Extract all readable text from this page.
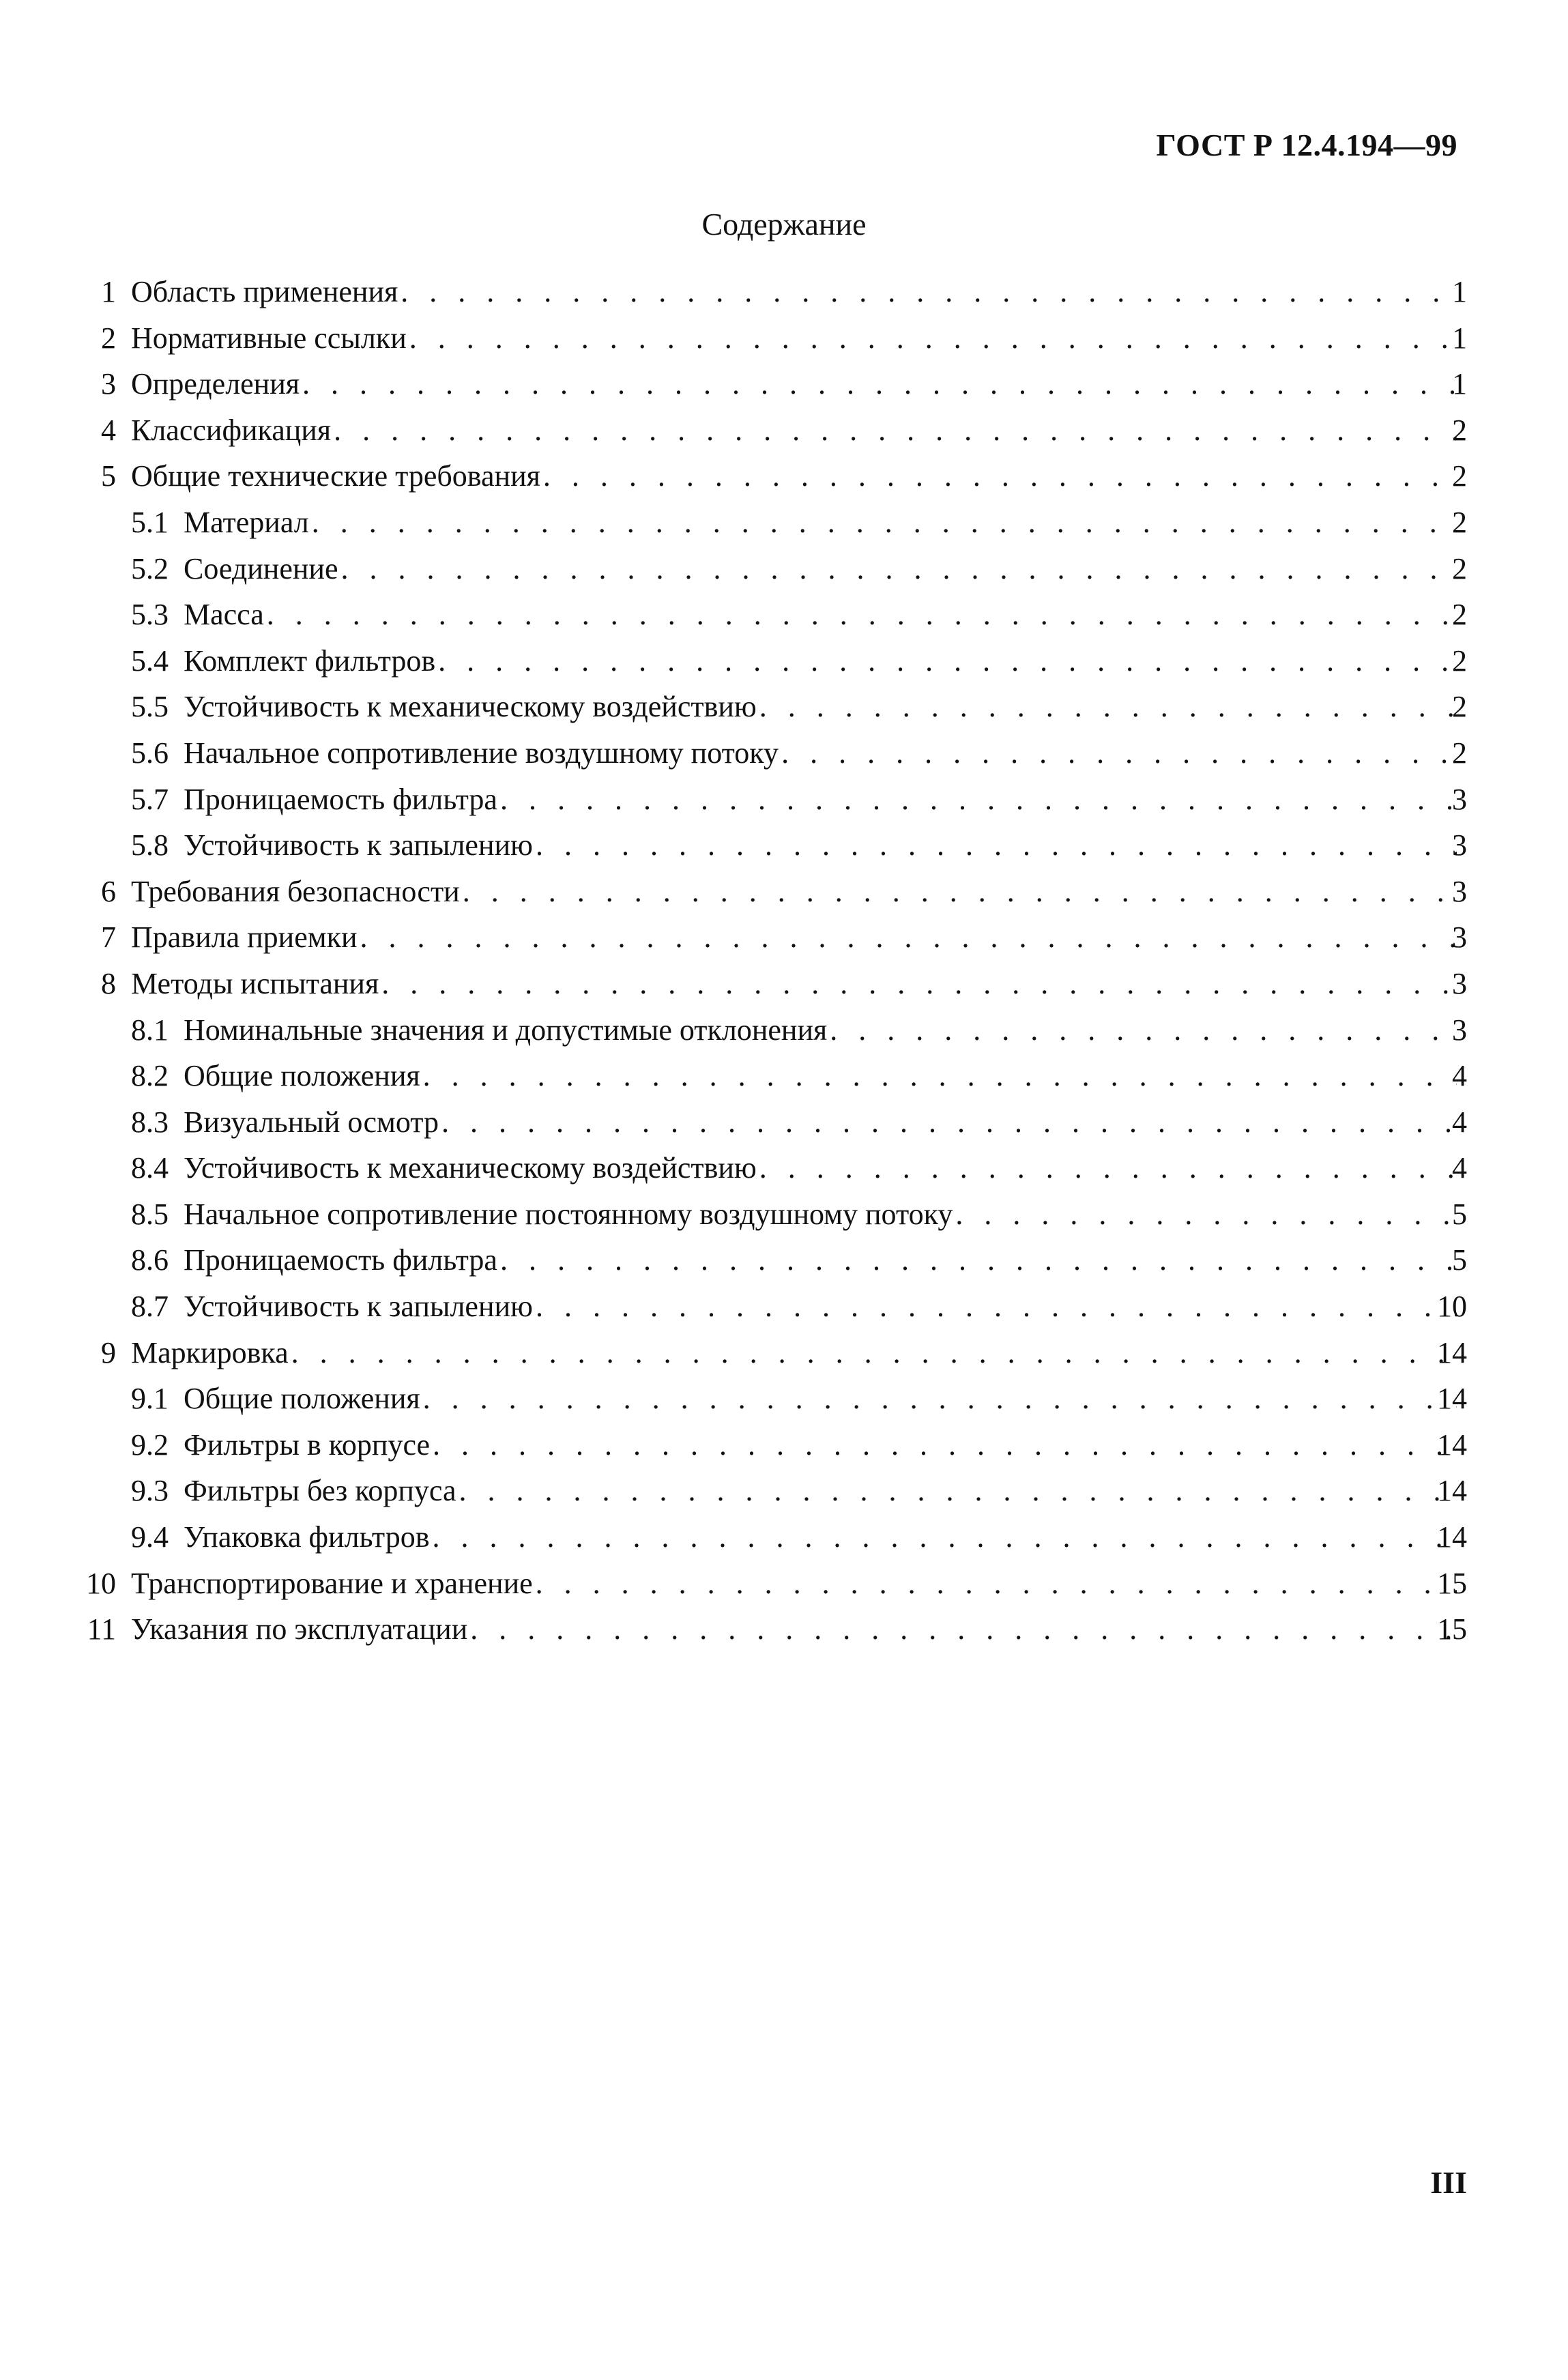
ГОСТ Р 12.4.194—99
Содержание
1 Область применения . . .	1
2 Нормативные ссылки . . .	1
3 Определения . . .	1
4 Классификация . . .	2
5 Общие технические требования . . .	2
5.1 Материал . . .	2
5.2 Соединение . . .	2
5.3 Масса . . .	2
5.4 Комплект фильтров . . .	2
5.5 Устойчивость к механическому воздействию . . .	2
5.6 Начальное сопротивление воздушному потоку . . .	2
5.7 Проницаемость фильтра . . .	3
5.8 Устойчивость к запылению . . .	3
6 Требования безопасности . . .	3
7 Правила приемки . . .	3
8 Методы испытания . . .	3
8.1 Номинальные значения и допустимые отклонения . . .	3
8.2 Общие положения . . .	4
8.3 Визуальный осмотр . . .	4
8.4 Устойчивость к механическому воздействию . . .	4
8.5 Начальное сопротивление постоянному воздушному потоку . . .	5
8.6 Проницаемость фильтра . . .	5
8.7 Устойчивость к запылению . . .	10
9 Маркировка . . .	14
9.1 Общие положения . . .	14
9.2 Фильтры в корпусе . . .	14
9.3 Фильтры без корпуса . . .	14
9.4 Упаковка фильтров . . .	14
10 Транспортирование и хранение . . .	15
11 Указания по эксплуатации . . .	15
III
